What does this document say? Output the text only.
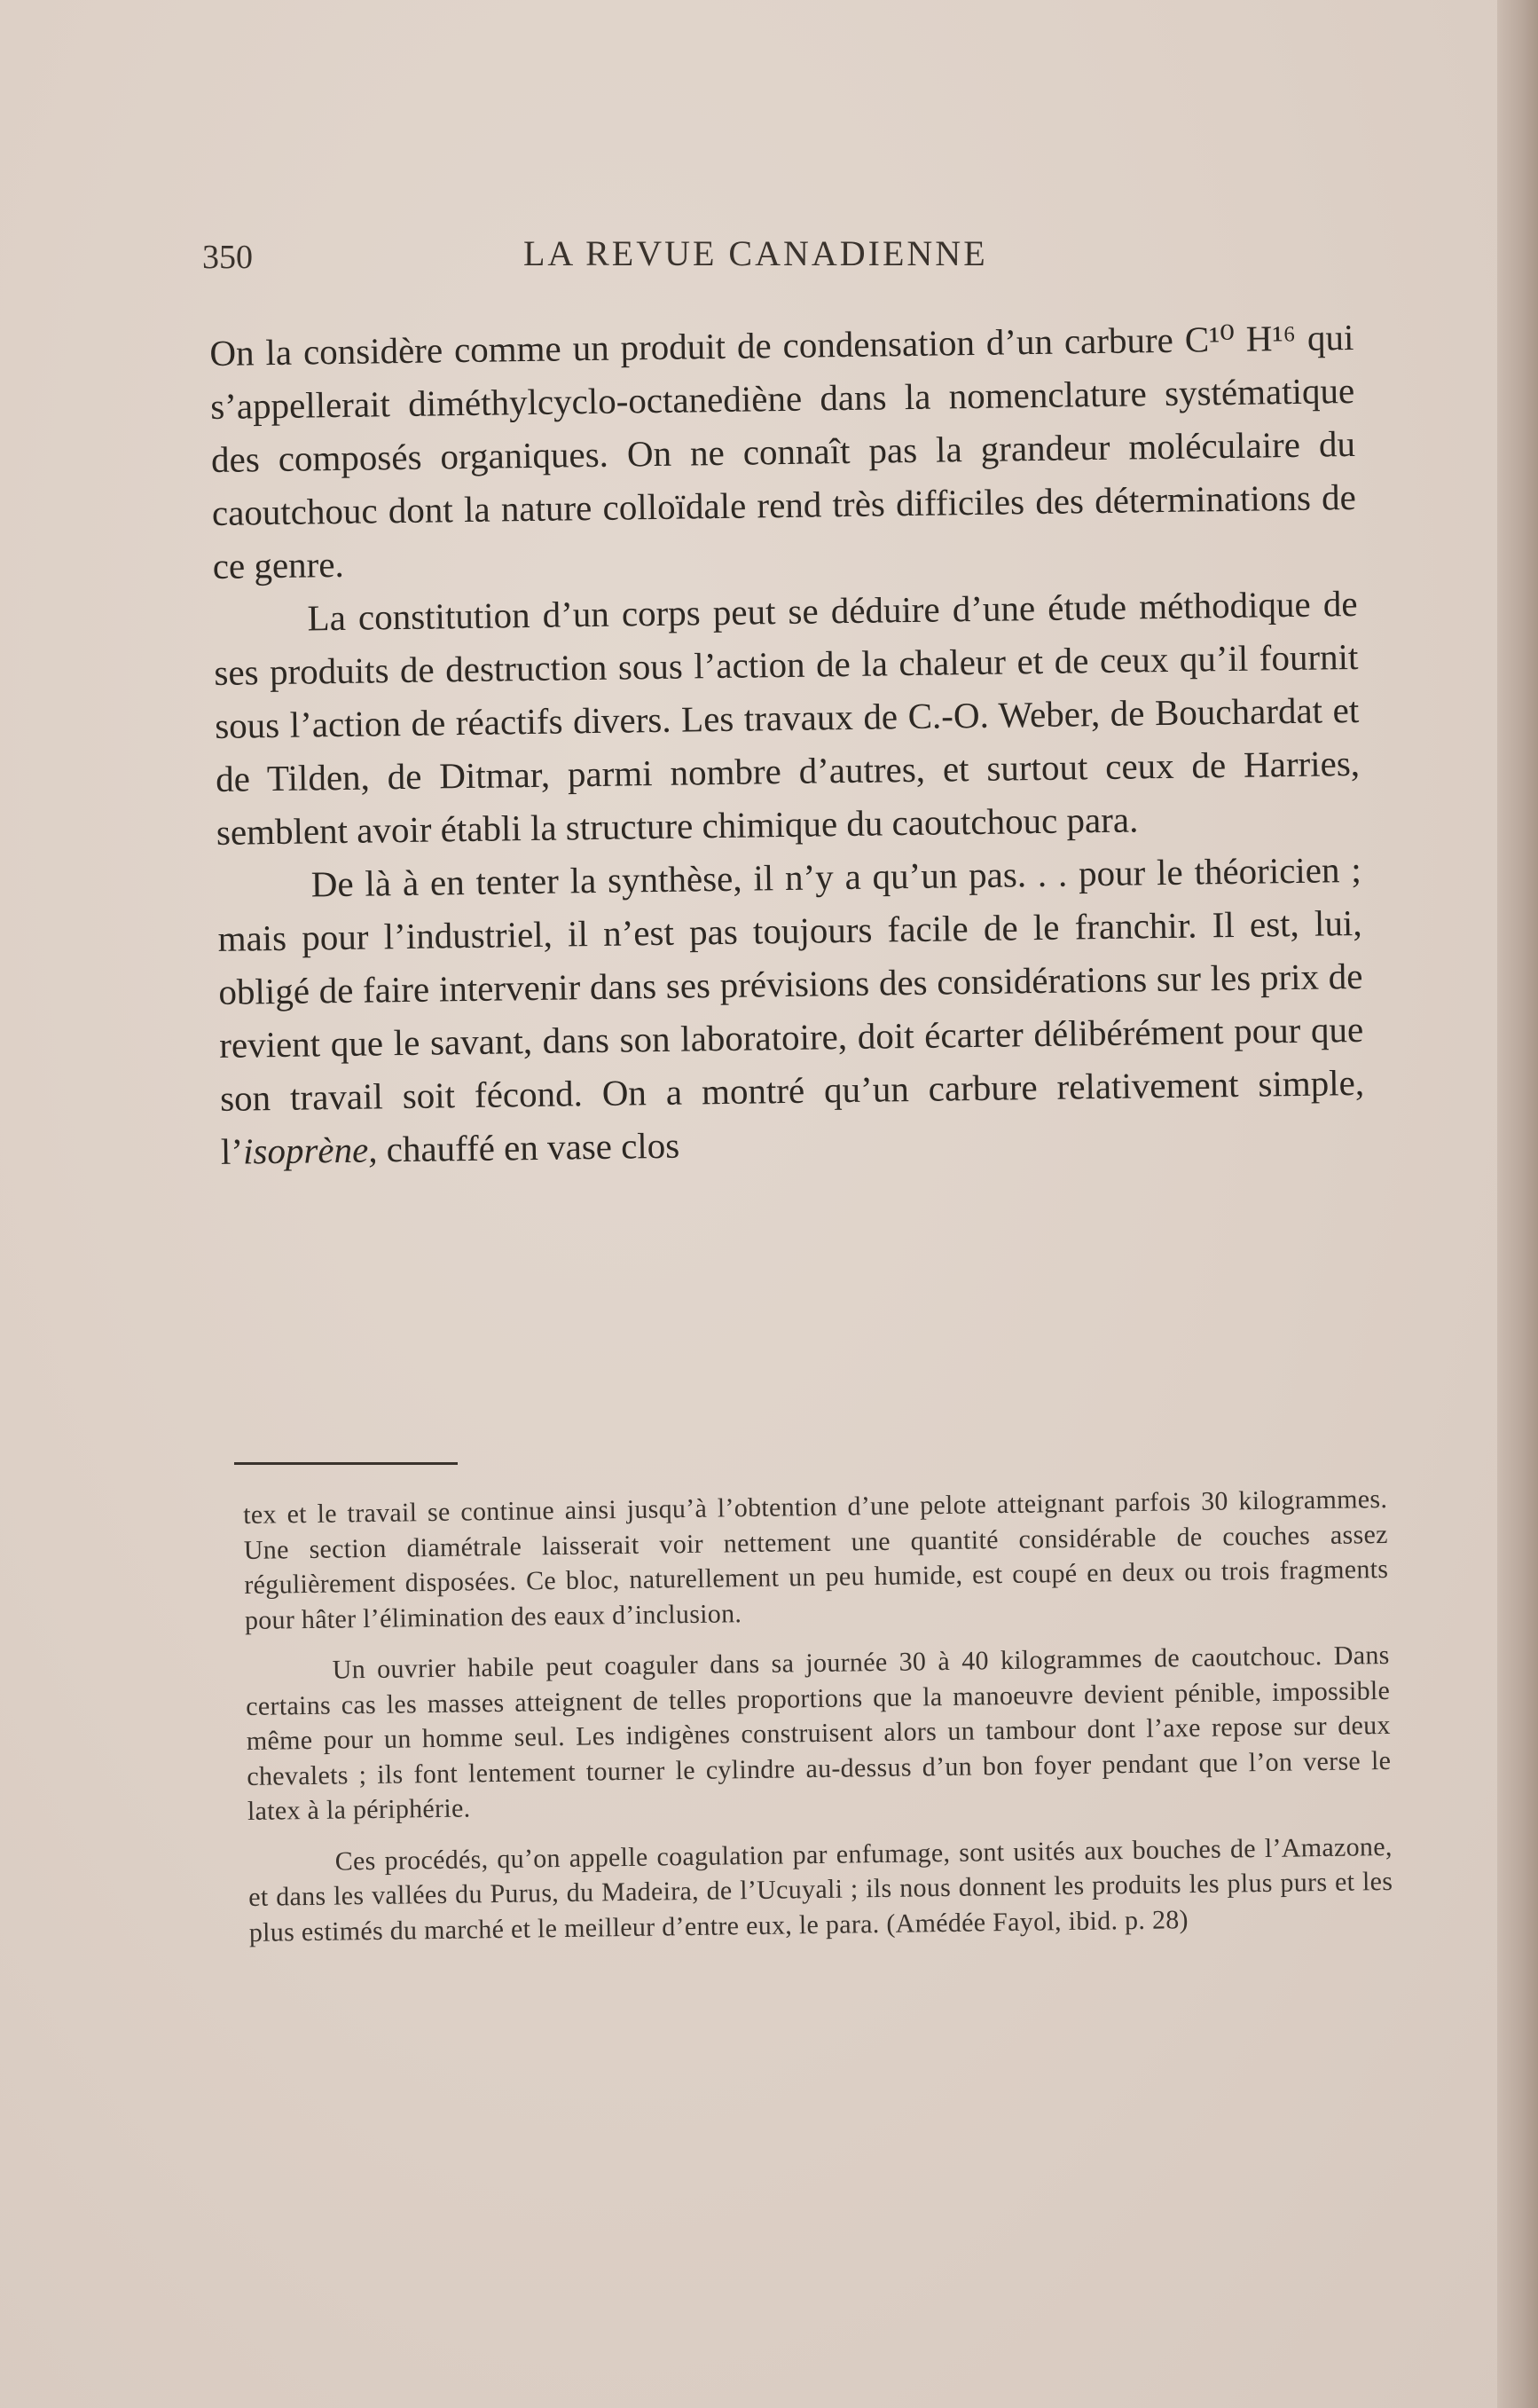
350	LA REVUE CANADIENNE

On la considère comme un produit de condensation d’un carbure C¹⁰ H¹⁶ qui s’appellerait diméthylcyclo-octanediène dans la nomenclature systématique des composés organiques. On ne connaît pas la grandeur moléculaire du caoutchouc dont la nature colloïdale rend très difficiles des déterminations de ce genre.

La constitution d’un corps peut se déduire d’une étude méthodique de ses produits de destruction sous l’action de la chaleur et de ceux qu’il fournit sous l’action de réactifs divers. Les travaux de C.-O. Weber, de Bouchardat et de Tilden, de Ditmar, parmi nombre d’autres, et surtout ceux de Harries, semblent avoir établi la structure chimique du caoutchouc para.

De là à en tenter la synthèse, il n’y a qu’un pas. . . pour le théoricien ; mais pour l’industriel, il n’est pas toujours facile de le franchir. Il est, lui, obligé de faire intervenir dans ses prévisions des considérations sur les prix de revient que le savant, dans son laboratoire, doit écarter délibérément pour que son travail soit fécond. On a montré qu’un carbure relativement simple, l’isoprène, chauffé en vase clos

tex et le travail se continue ainsi jusqu’à l’obtention d’une pelote atteignant parfois 30 kilogrammes. Une section diamétrale laisserait voir nettement une quantité considérable de couches assez régulièrement disposées. Ce bloc, naturellement un peu humide, est coupé en deux ou trois fragments pour hâter l’élimination des eaux d’inclusion.

Un ouvrier habile peut coaguler dans sa journée 30 à 40 kilogrammes de caoutchouc. Dans certains cas les masses atteignent de telles proportions que la manoeuvre devient pénible, impossible même pour un homme seul. Les indigènes construisent alors un tambour dont l’axe repose sur deux chevalets ; ils font lentement tourner le cylindre au-dessus d’un bon foyer pendant que l’on verse le latex à la périphérie.

Ces procédés, qu’on appelle coagulation par enfumage, sont usités aux bouches de l’Amazone, et dans les vallées du Purus, du Madeira, de l’Ucuyali ; ils nous donnent les produits les plus purs et les plus estimés du marché et le meilleur d’entre eux, le para. (Amédée Fayol, ibid. p. 28)
